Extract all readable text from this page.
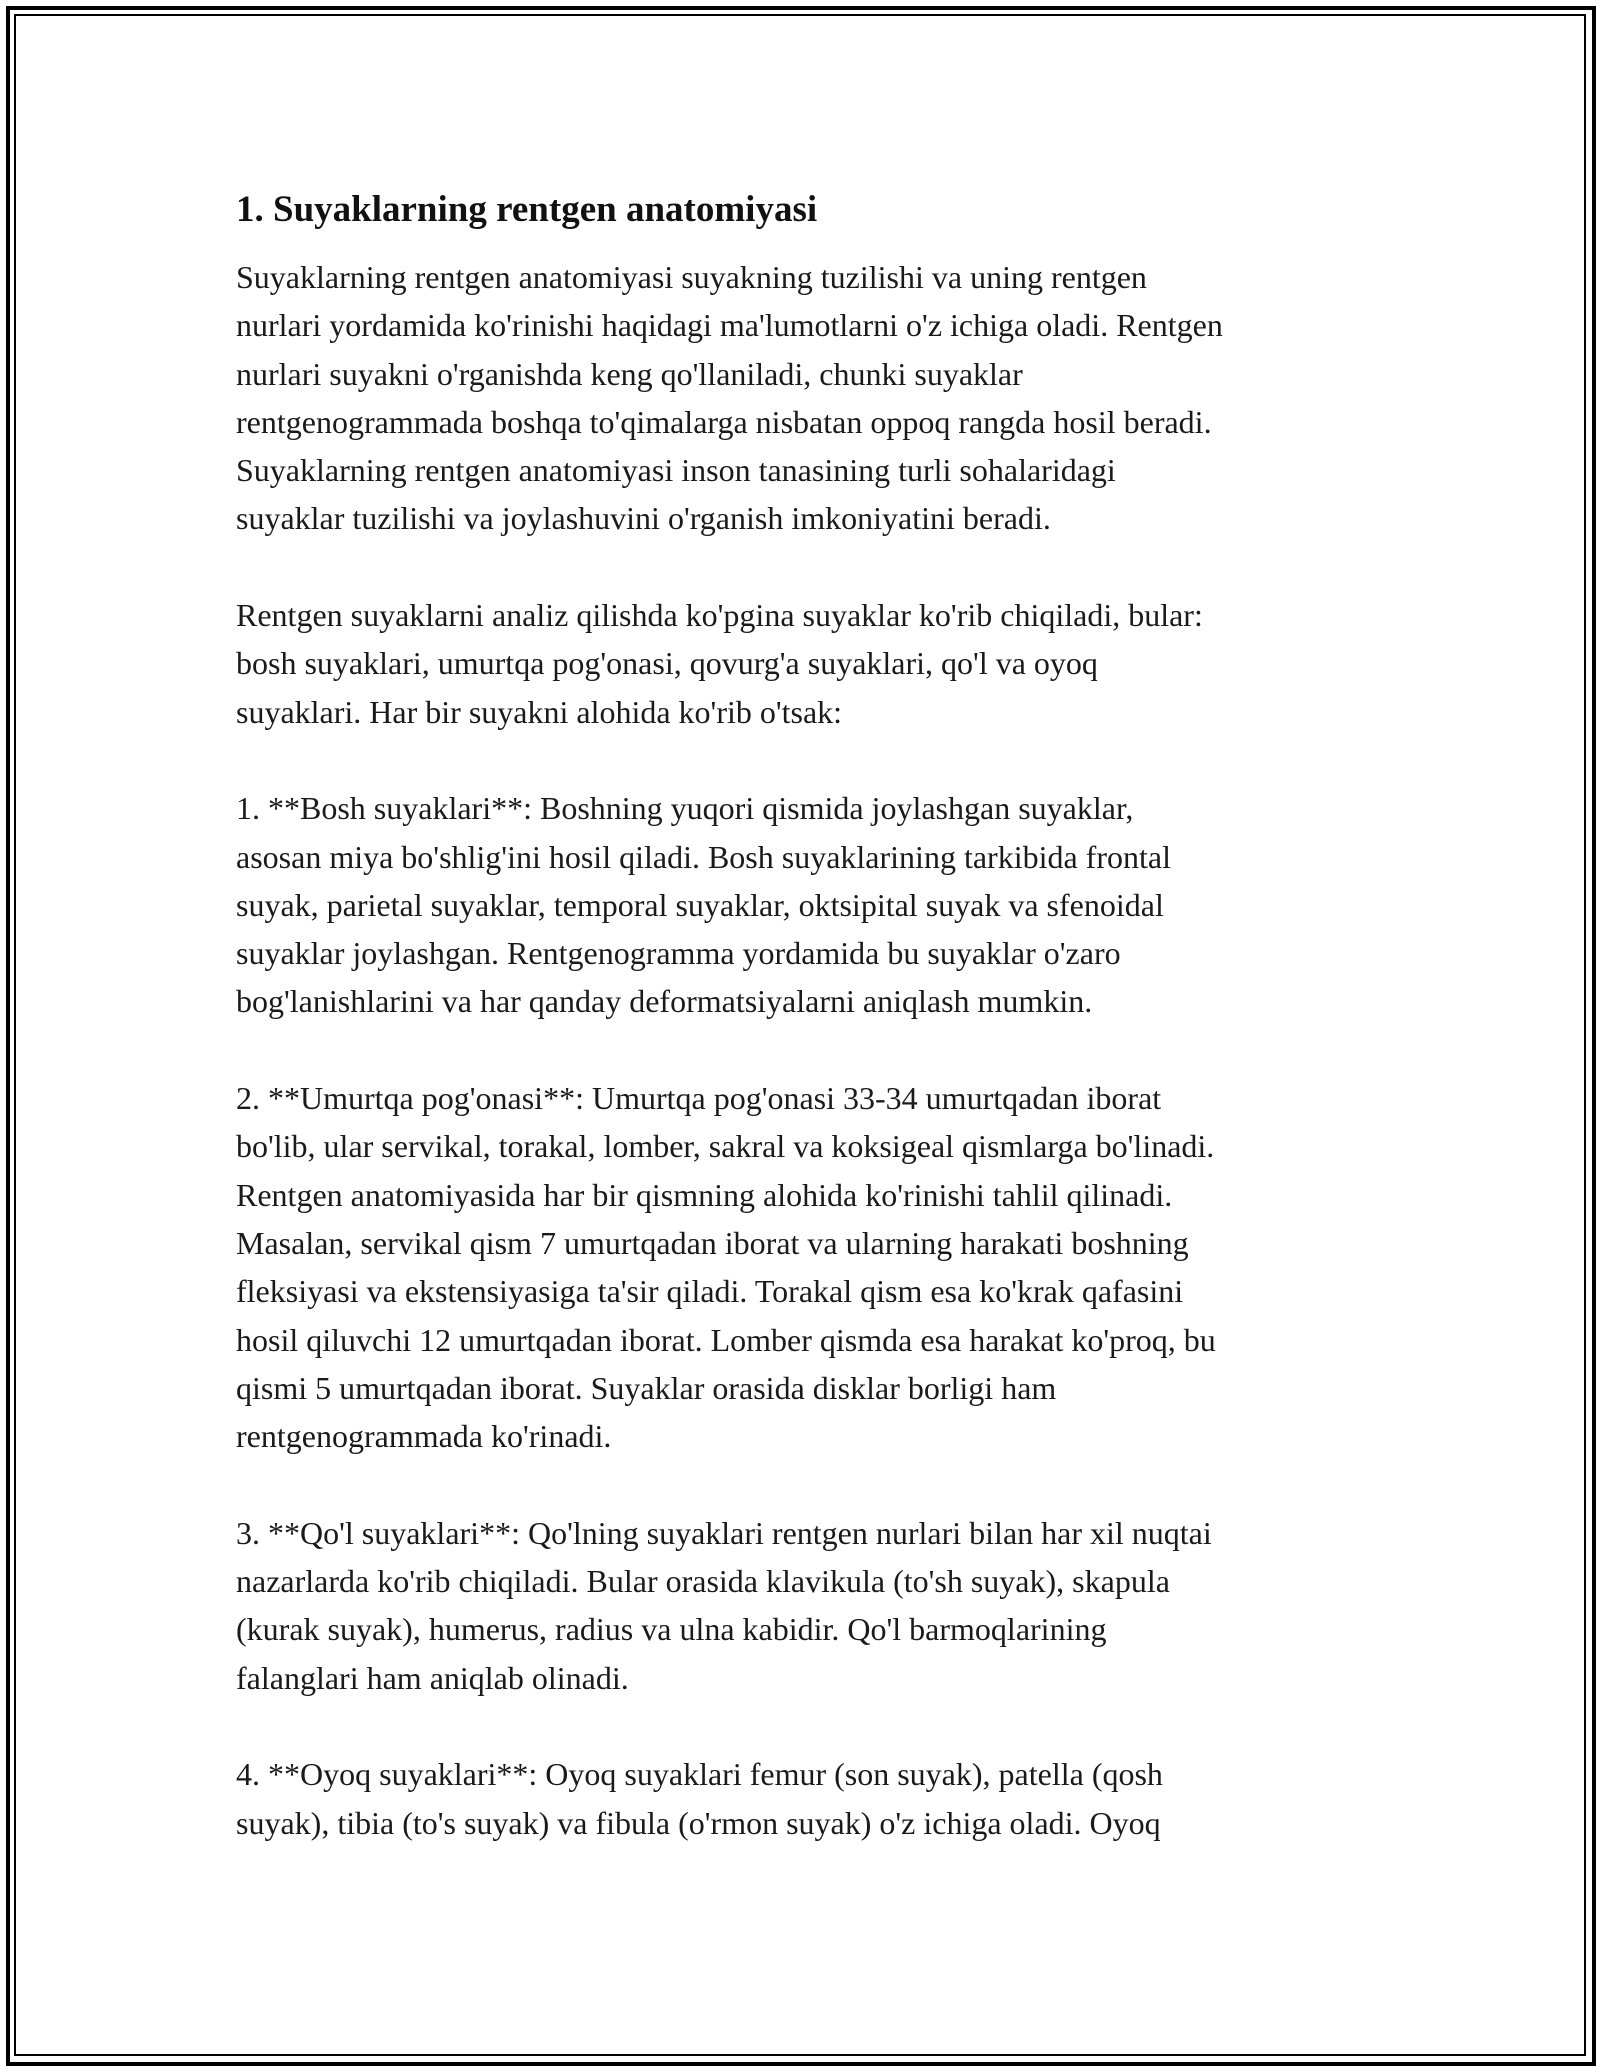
1. Suyaklarning rentgen anatomiyasi

Suyaklarning rentgen anatomiyasi suyakning tuzilishi va uning rentgen
nurlari yordamida ko'rinishi haqidagi ma'lumotlarni o'z ichiga oladi. Rentgen
nurlari suyakni o'rganishda keng qo'llaniladi, chunki suyaklar
rentgenogrammada boshqa to'qimalarga nisbatan oppoq rangda hosil beradi.
Suyaklarning rentgen anatomiyasi inson tanasining turli sohalaridagi
suyaklar tuzilishi va joylashuvini o'rganish imkoniyatini beradi.

Rentgen suyaklarni analiz qilishda ko'pgina suyaklar ko'rib chiqiladi, bular:
bosh suyaklari, umurtqa pog'onasi, qovurg'a suyaklari, qo'l va oyoq
suyaklari. Har bir suyakni alohida ko'rib o'tsak:

1. **Bosh suyaklari**: Boshning yuqori qismida joylashgan suyaklar,
asosan miya bo'shlig'ini hosil qiladi. Bosh suyaklarining tarkibida frontal
suyak, parietal suyaklar, temporal suyaklar, oktsipital suyak va sfenoidal
suyaklar joylashgan. Rentgenogramma yordamida bu suyaklar o'zaro
bog'lanishlarini va har qanday deformatsiyalarni aniqlash mumkin.

2. **Umurtqa pog'onasi**: Umurtqa pog'onasi 33-34 umurtqadan iborat
bo'lib, ular servikal, torakal, lomber, sakral va koksigeal qismlarga bo'linadi.
Rentgen anatomiyasida har bir qismning alohida ko'rinishi tahlil qilinadi.
Masalan, servikal qism 7 umurtqadan iborat va ularning harakati boshning
fleksiyasi va ekstensiyasiga ta'sir qiladi. Torakal qism esa ko'krak qafasini
hosil qiluvchi 12 umurtqadan iborat. Lomber qismda esa harakat ko'proq, bu
qismi 5 umurtqadan iborat. Suyaklar orasida disklar borligi ham
rentgenogrammada ko'rinadi.

3. **Qo'l suyaklari**: Qo'lning suyaklari rentgen nurlari bilan har xil nuqtai
nazarlarda ko'rib chiqiladi. Bular orasida klavikula (to'sh suyak), skapula
(kurak suyak), humerus, radius va ulna kabidir. Qo'l barmoqlarining
falanglari ham aniqlab olinadi.

4. **Oyoq suyaklari**: Oyoq suyaklari femur (son suyak), patella (qosh
suyak), tibia (to's suyak) va fibula (o'rmon suyak) o'z ichiga oladi. Oyoq
